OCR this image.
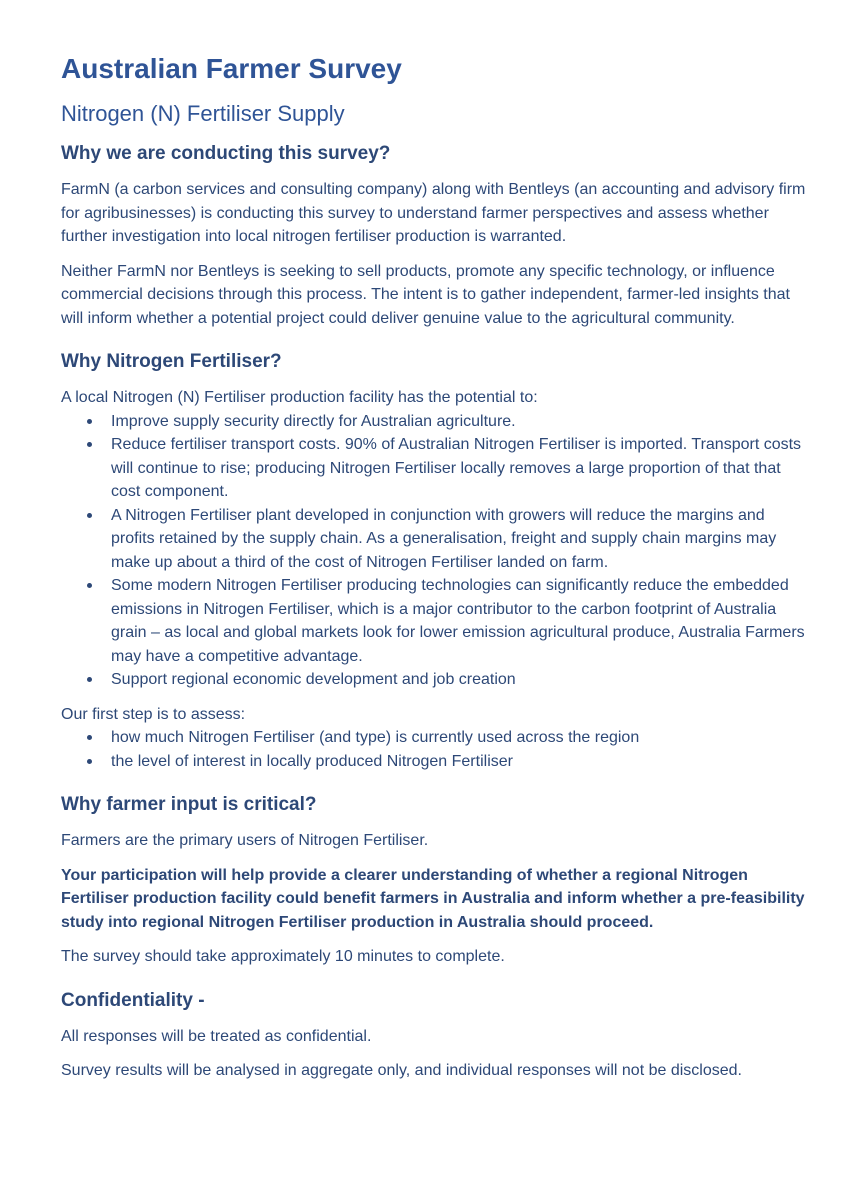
Australian Farmer Survey
Nitrogen (N) Fertiliser Supply
Why we are conducting this survey?

FarmN (a carbon services and consulting company) along with Bentleys (an accounting and advisory firm for agribusinesses) is conducting this survey to understand farmer perspectives and assess whether further investigation into local nitrogen fertiliser production is warranted.

Neither FarmN nor Bentleys is seeking to sell products, promote any specific technology, or influence commercial decisions through this process. The intent is to gather independent, farmer-led insights that will inform whether a potential project could deliver genuine value to the agricultural community.

Why Nitrogen Fertiliser?

A local Nitrogen (N) Fertiliser production facility has the potential to:

Improve supply security directly for Australian agriculture.
Reduce fertiliser transport costs. 90% of Australian Nitrogen Fertiliser is imported. Transport costs will continue to rise; producing Nitrogen Fertiliser locally removes a large proportion of that that cost component.
A Nitrogen Fertiliser plant developed in conjunction with growers will reduce the margins and profits retained by the supply chain. As a generalisation, freight and supply chain margins may make up about a third of the cost of Nitrogen Fertiliser landed on farm.
Some modern Nitrogen Fertiliser producing technologies can significantly reduce the embedded emissions in Nitrogen Fertiliser, which is a major contributor to the carbon footprint of Australia grain – as local and global markets look for lower emission agricultural produce, Australia Farmers may have a competitive advantage.
Support regional economic development and job creation

Our first step is to assess:

how much Nitrogen Fertiliser (and type) is currently used across the region
the level of interest in locally produced Nitrogen Fertiliser
Why farmer input is critical?

Farmers are the primary users of Nitrogen Fertiliser.

Your participation will help provide a clearer understanding of whether a regional Nitrogen Fertiliser production facility could benefit farmers in Australia and inform whether a pre-feasibility study into regional Nitrogen Fertiliser production in Australia should proceed.

The survey should take approximately 10 minutes to complete.

Confidentiality -

All responses will be treated as confidential.

Survey results will be analysed in aggregate only, and individual responses will not be disclosed.
